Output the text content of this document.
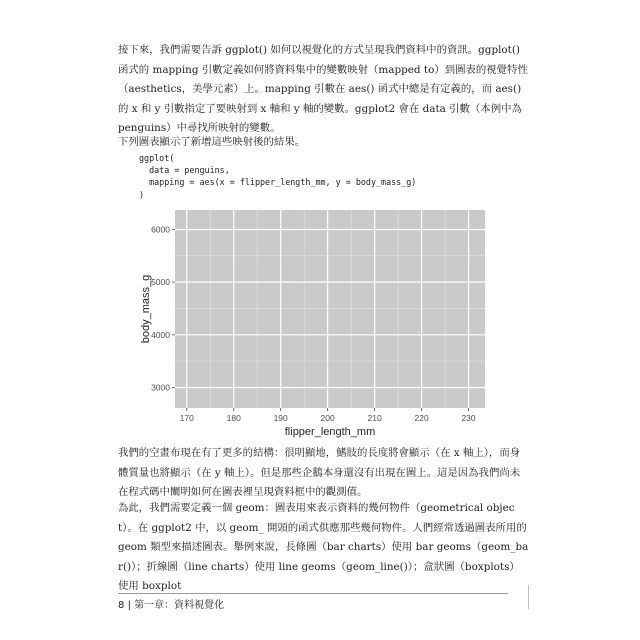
接下來，我們需要告訴 ggplot() 如何以視覺化的方式呈現我們資料中的資訊。ggplot() 函式的 mapping 引數定義如何將資料集中的變數映射（mapped to）到圖表的視覺特性（aesthetics，美學元素）上。mapping 引數在 aes() 函式中總是有定義的，而 aes() 的 x 和 y 引數指定了要映射到 x 軸和 y 軸的變數。ggplot2 會在 data 引數（本例中為 penguins）中尋找所映射的變數。
下列圖表顯示了新增這些映射後的結果。
ggplot(
data = penguins,
mapping = aes(x = flipper_length_mm, y = body_mass_g)
)
170	180	190	200	210	220	230
3000
4000
5000
6000
flipper_length_mm
body_mass_g
我們的空畫布現在有了更多的結構：很明顯地，鰭肢的長度將會顯示（在 x 軸上），而身體質量也將顯示（在 y 軸上）。但是那些企鵝本身還沒有出現在圖上。這是因為我們尚未在程式碼中闡明如何在圖表裡呈現資料框中的觀測值。
為此，我們需要定義一個 geom：圖表用來表示資料的幾何物件（geometrical object）。在 ggplot2 中，以 geom_ 開頭的函式供應那些幾何物件。人們經常透過圖表所用的 geom 類型來描述圖表。舉例來說，長條圖（bar charts）使用 bar geoms（geom_bar()）；折線圖（line charts）使用 line geoms（geom_line()）；盒狀圖（boxplots）使用 boxplot
8 | 第一章：資料視覺化
